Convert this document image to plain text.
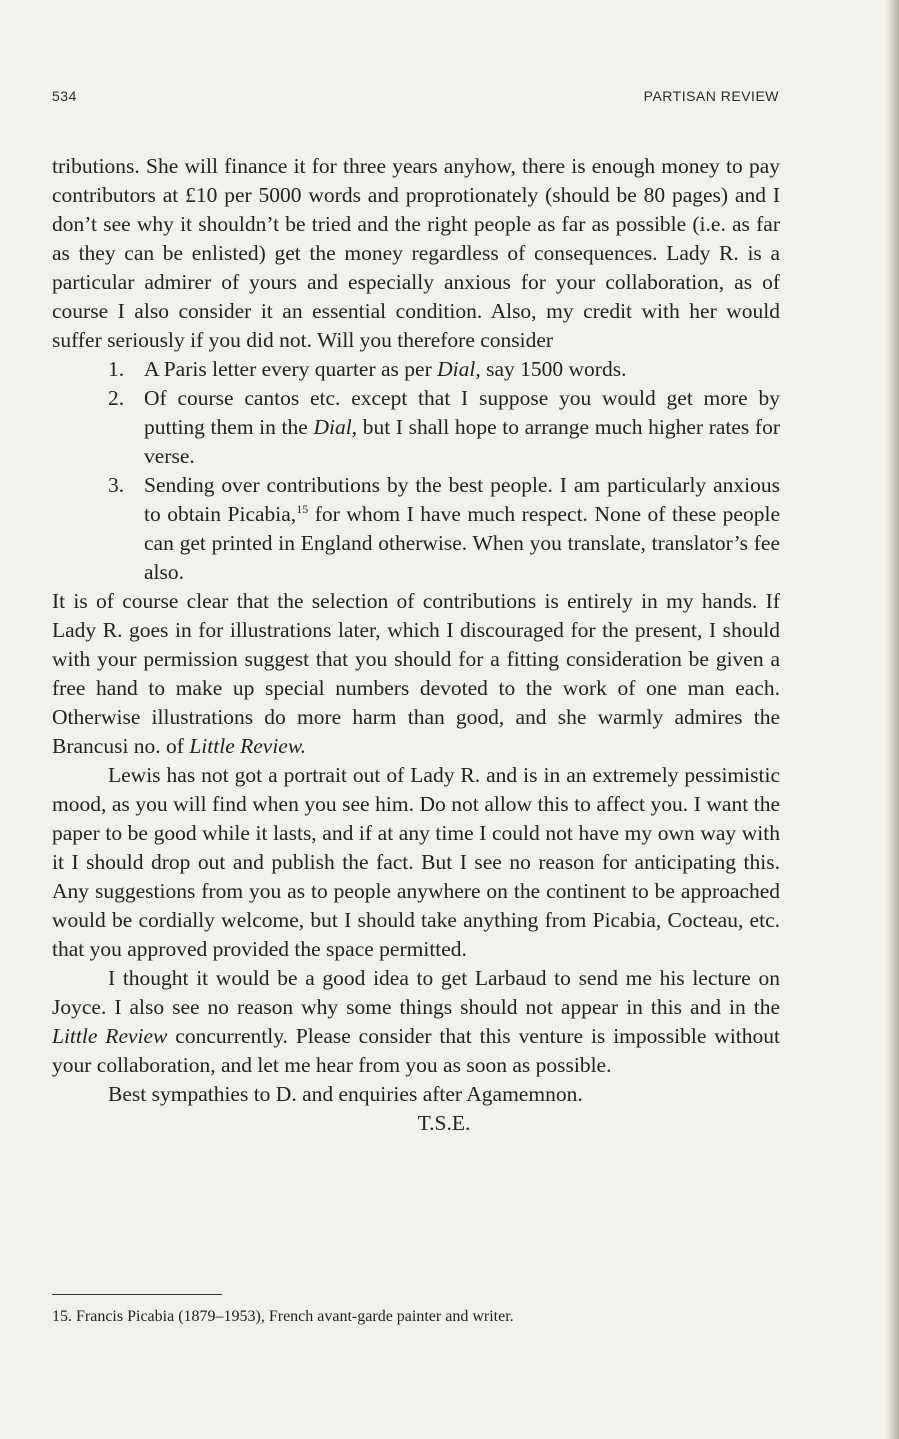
534	PARTISAN REVIEW

tributions. She will finance it for three years anyhow, there is enough money to pay contributors at £10 per 5000 words and proprotionately (should be 80 pages) and I don’t see why it shouldn’t be tried and the right people as far as possible (i.e. as far as they can be enlisted) get the money regardless of consequences. Lady R. is a particular admirer of yours and especially anxious for your collaboration, as of course I also consider it an essential condition. Also, my credit with her would suffer seriously if you did not. Will you therefore consider

1. A Paris letter every quarter as per Dial, say 1500 words.
2. Of course cantos etc. except that I suppose you would get more by putting them in the Dial, but I shall hope to arrange much higher rates for verse.
3. Sending over contributions by the best people. I am particularly anxious to obtain Picabia,$^{15}$ for whom I have much respect. None of these people can get printed in England otherwise. When you translate, translator’s fee also.

It is of course clear that the selection of contributions is entirely in my hands. If Lady R. goes in for illustrations later, which I discouraged for the present, I should with your permission suggest that you should for a fitting consideration be given a free hand to make up special numbers devoted to the work of one man each. Otherwise illustrations do more harm than good, and she warmly admires the Brancusi no. of Little Review.

Lewis has not got a portrait out of Lady R. and is in an extremely pessimistic mood, as you will find when you see him. Do not allow this to affect you. I want the paper to be good while it lasts, and if at any time I could not have my own way with it I should drop out and publish the fact. But I see no reason for anticipating this. Any suggestions from you as to people anywhere on the continent to be approached would be cordially welcome, but I should take anything from Picabia, Cocteau, etc. that you approved provided the space permitted.

I thought it would be a good idea to get Larbaud to send me his lecture on Joyce. I also see no reason why some things should not appear in this and in the Little Review concurrently. Please consider that this venture is impossible without your collaboration, and let me hear from you as soon as possible.

Best sympathies to D. and enquiries after Agamemnon.

T.S.E.

15. Francis Picabia (1879–1953), French avant-garde painter and writer.
